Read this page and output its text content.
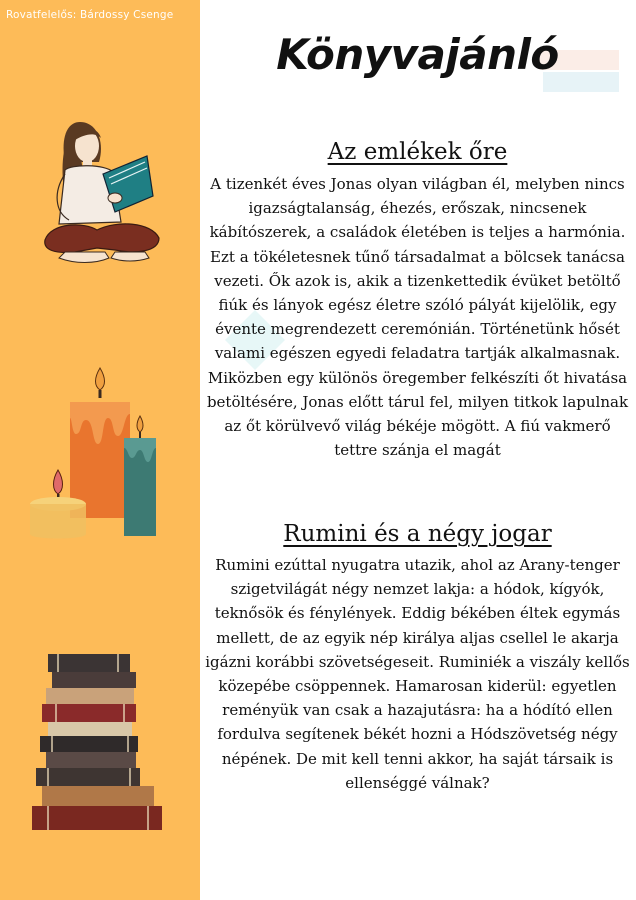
Rovatfelelős: Bárdossy Csenge
Könyvajánló
Az emlékek őre
A tizenkét éves Jonas olyan világban él, melyben nincs igazságtalanság, éhezés, erőszak, nincsenek kábítószerek, a családok életében is teljes a harmónia. Ezt a tökéletesnek tűnő társadalmat a bölcsek tanácsa vezeti. Ők azok is, akik a tizenkettedik évüket betöltő fiúk és lányok egész életre szóló pályát kijelölik, egy évente megrendezett ceremónián. Történetünk hősét valami egészen egyedi feladatra tartják alkalmasnak. Miközben egy különös öregember felkészíti őt hivatása betöltésére, Jonas előtt tárul fel, milyen titkok lapulnak az őt körülvevő világ békéje mögött. A fiú vakmerő tettre szánja el magát
Rumini és a négy jogar
Rumini ezúttal nyugatra utazik, ahol az Arany-tenger szigetvilágát négy nemzet lakja: a hódok, kígyók, teknősök és fénylények. Eddig békében éltek egymás mellett, de az egyik nép királya aljas csellel le akarja igázni korábbi szövetségeseit. Ruminiék a viszály kellős közepébe csöppennek. Hamarosan kiderül: egyetlen reményük van csak a hazajutásra: ha a hódító ellen fordulva segítenek békét hozni a Hódszövetség négy népének. De mit kell tenni akkor, ha saját társaik is ellenséggé válnak?
